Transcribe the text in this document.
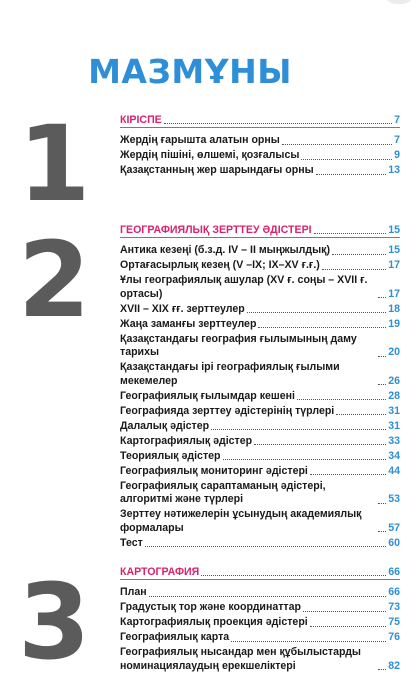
МАЗМҰНЫ
1
2
3
КІРІСПЕ	7
Жердің ғарышта алатын орны	7
Жердің пішіні, өлшемі, қозғалысы	9
Қазақстанның жер шарындағы орны	13
ГЕОГРАФИЯЛЫҚ ЗЕРТТЕУ ӘДІСТЕРІ	15
Антика кезеңі (б.з.д. IV – II мыңжылдық)	15
Ортағасырлық кезең (V –IX; IX–XV ғ.ғ.)	17
Ұлы географиялық ашулар (XV ғ. соңы – XVII ғ. ортасы)	17
XVII – XIX ғғ. зерттеулер	18
Жаңа заманғы зерттеулер	19
Қазақстандағы география ғылымының даму тарихы	20
Қазақстандағы ірі географиялық ғылыми мекемелер	26
Географиялық ғылымдар кешені	28
Географияда зерттеу әдістерінің түрлері	31
Далалық әдістер	31
Картографиялық әдістер	33
Теориялық әдістер	34
Географиялық мониторинг әдістері	44
Географиялық сараптаманың әдістері, алгоритмі және түрлері	53
Зерттеу нәтижелерін ұсынудың академиялық формалары	57
Тест	60
КАРТОГРАФИЯ	66
План	66
Градустық тор және координаттар	73
Картографиялық проекция әдістері	75
Географиялық карта	76
Географиялық нысандар мен құбылыстарды номинациялаудың ерекшеліктері	82
